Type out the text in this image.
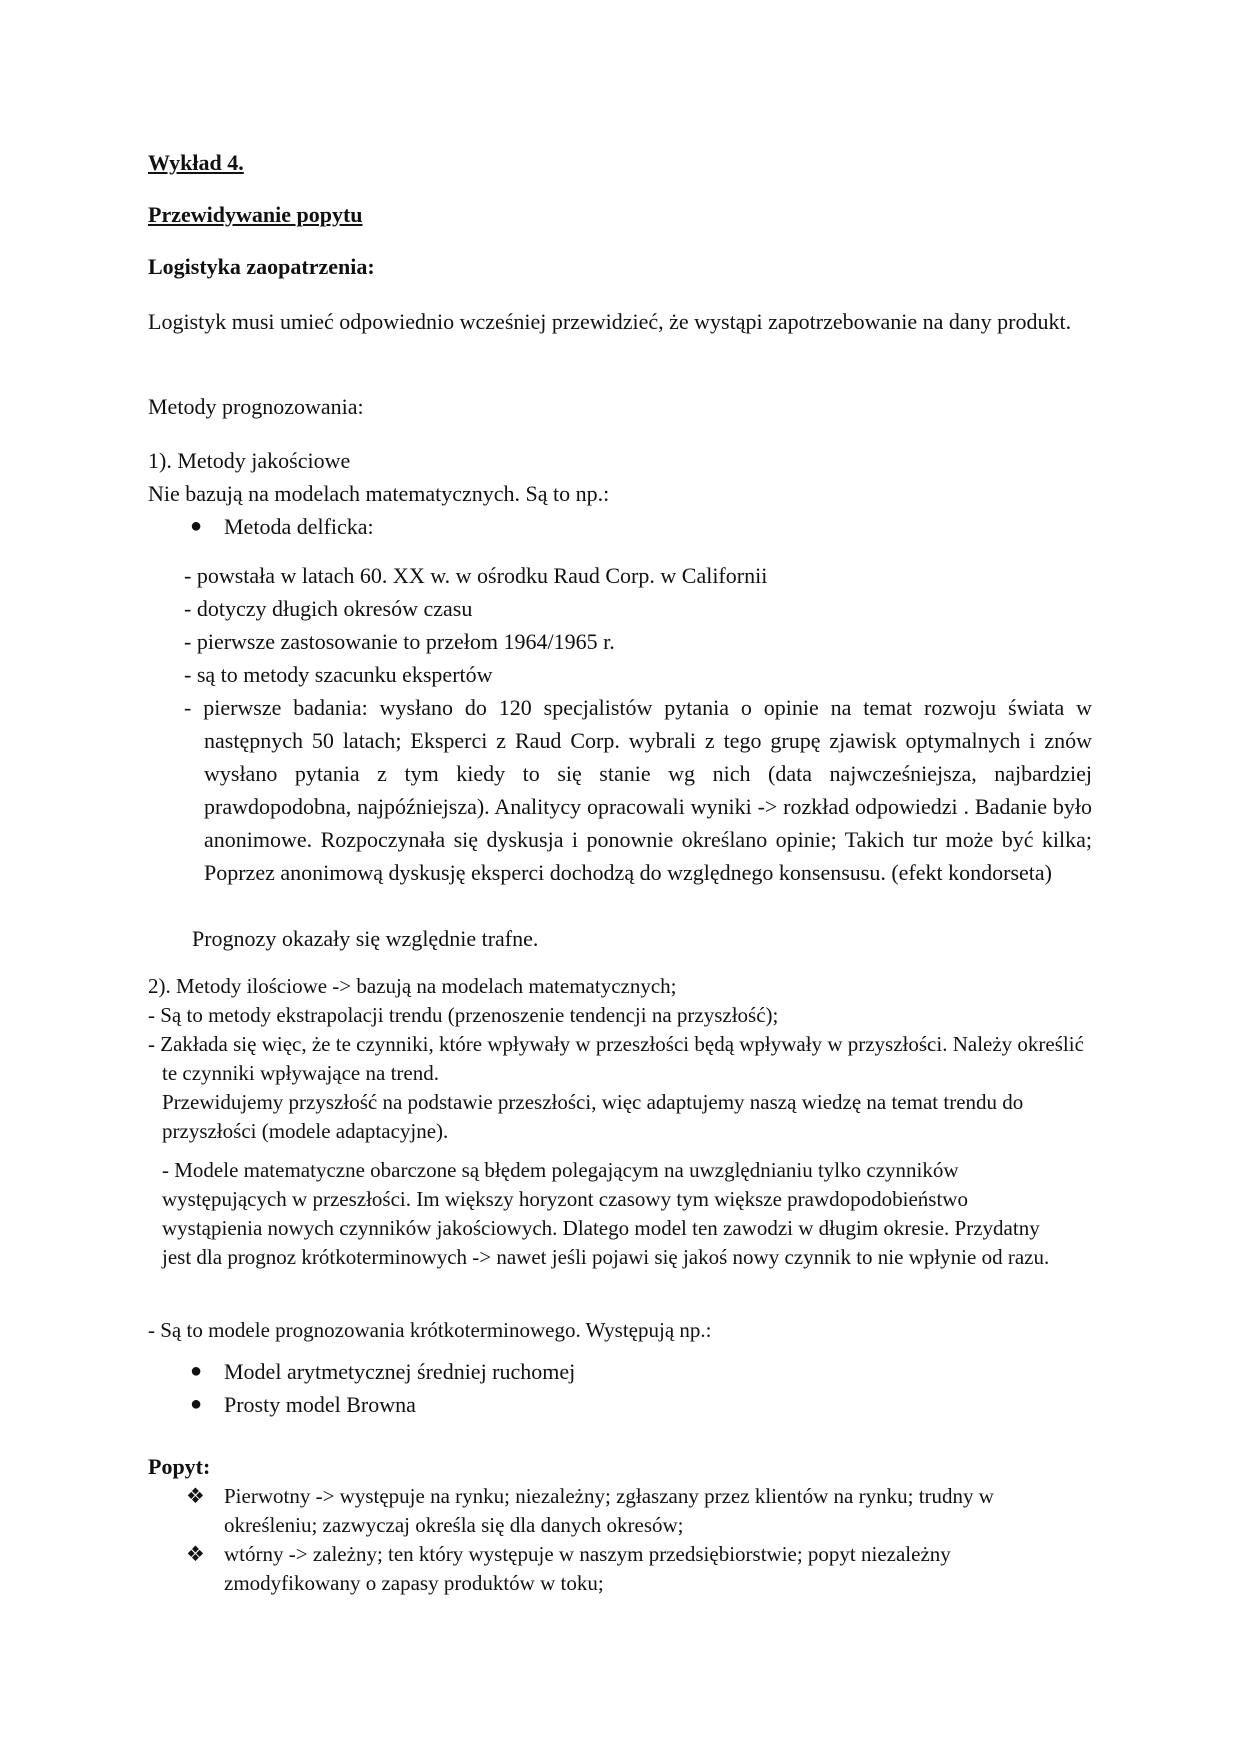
Wykład 4.
Przewidywanie popytu
Logistyka zaopatrzenia:
Logistyk musi umieć odpowiednio wcześniej przewidzieć, że wystąpi zapotrzebowanie na dany produkt.
Metody prognozowania:
1). Metody jakościowe
Nie bazują na modelach matematycznych. Są to np.:
● Metoda delficka:
- powstała w latach 60. XX w. w ośrodku Raud Corp. w Californii
- dotyczy długich okresów czasu
- pierwsze zastosowanie to przełom 1964/1965 r.
- są to metody szacunku ekspertów
- pierwsze badania: wysłano do 120 specjalistów pytania o opinie na temat rozwoju świata w następnych 50 latach; Eksperci z Raud Corp. wybrali z tego grupę zjawisk optymalnych i znów wysłano pytania z tym kiedy to się stanie wg nich (data najwcześniejsza, najbardziej prawdopodobna, najpóźniejsza). Analitycy opracowali wyniki -> rozkład odpowiedzi . Badanie było anonimowe. Rozpoczynała się dyskusja i ponownie określano opinie; Takich tur może być kilka; Poprzez anonimową dyskusję eksperci dochodzą do względnego konsensusu. (efekt kondorseta)
Prognozy okazały się względnie trafne.
2). Metody ilościowe -> bazują na modelach matematycznych;
- Są to metody ekstrapolacji trendu (przenoszenie tendencji na przyszłość);
- Zakłada się więc, że te czynniki, które wpływały w przeszłości będą wpływały w przyszłości. Należy określić te czynniki wpływające na trend.
Przewidujemy przyszłość na podstawie przeszłości, więc adaptujemy naszą wiedzę na temat trendu do przyszłości (modele adaptacyjne).
- Modele matematyczne obarczone są błędem polegającym na uwzględnianiu tylko czynników występujących w przeszłości. Im większy horyzont czasowy tym większe prawdopodobieństwo wystąpienia nowych czynników jakościowych. Dlatego model ten zawodzi w długim okresie. Przydatny jest dla prognoz krótkoterminowych -> nawet jeśli pojawi się jakoś nowy czynnik to nie wpłynie od razu.
- Są to modele prognozowania krótkoterminowego. Występują np.:
● Model arytmetycznej średniej ruchomej
● Prosty model Browna
Popyt:
❖ Pierwotny -> występuje na rynku; niezależny; zgłaszany przez klientów na rynku; trudny w określeniu; zazwyczaj określa się dla danych okresów;
❖ wtórny -> zależny; ten który występuje w naszym przedsiębiorstwie; popyt niezależny zmodyfikowany o zapasy produktów w toku;
